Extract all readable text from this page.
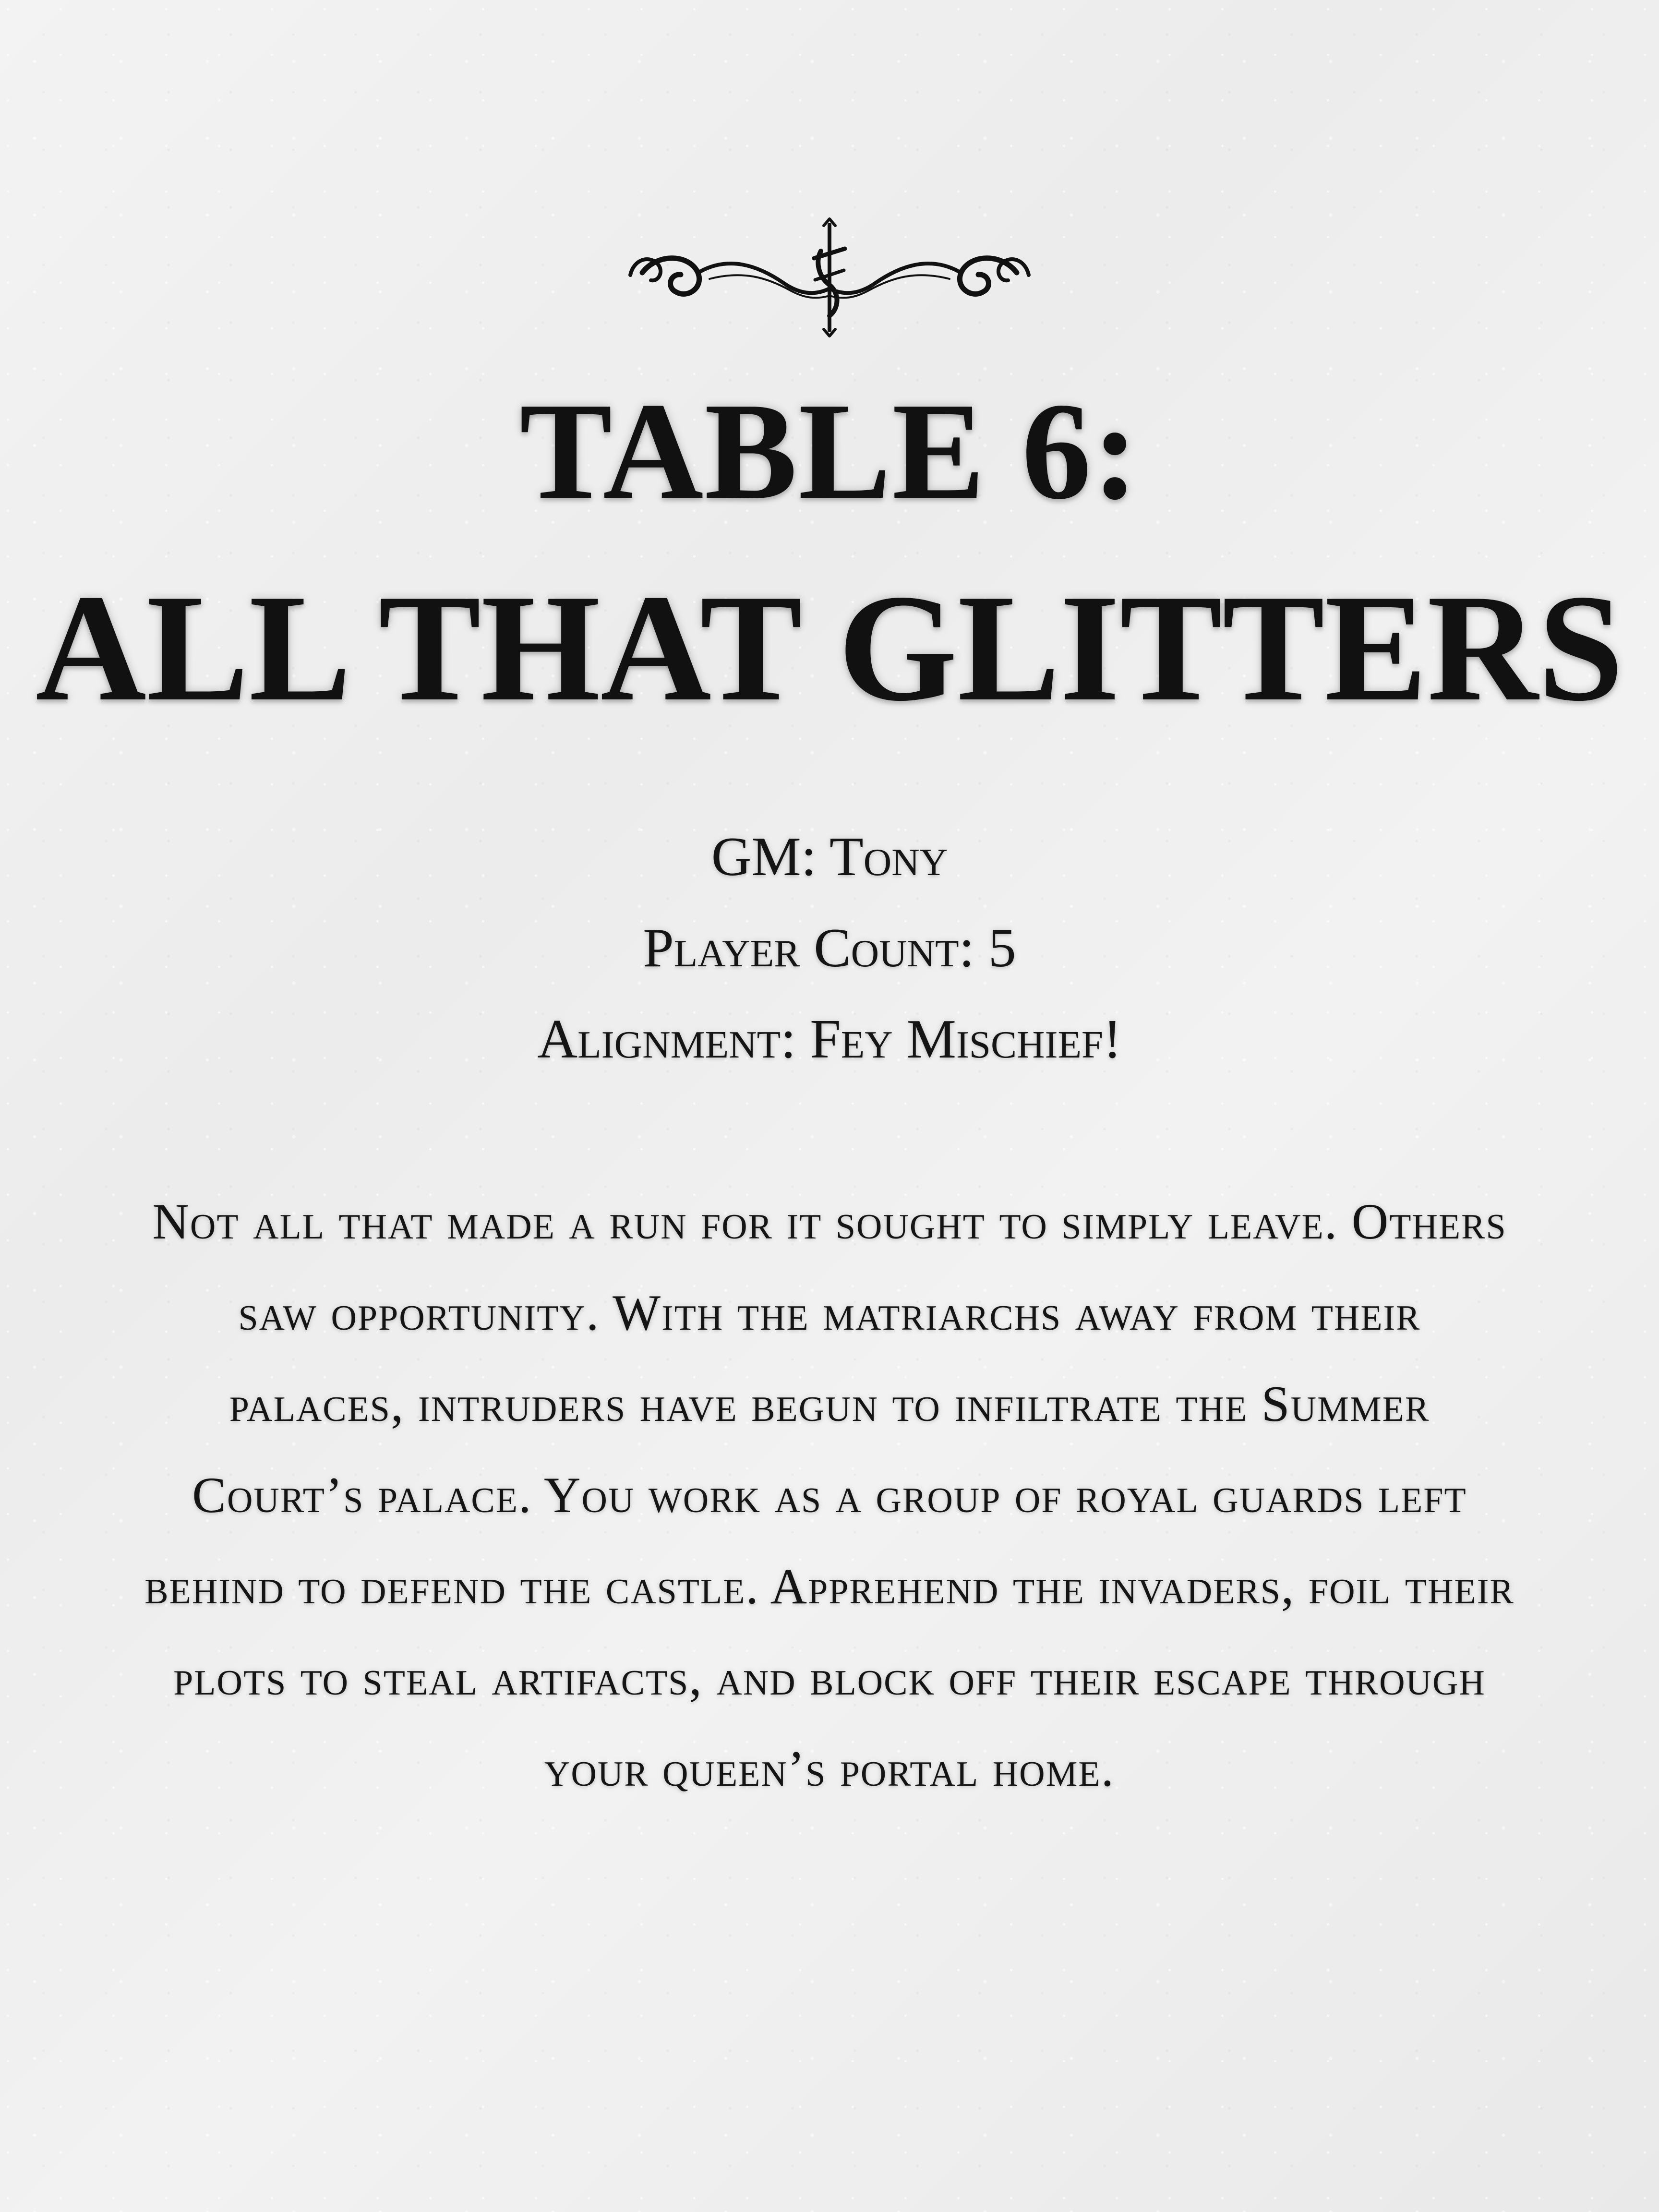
TABLE 6:
ALL THAT GLITTERS
GM: Tony
Player Count: 5
Alignment: Fey Mischief!

Not all that made a run for it sought to simply leave. Others saw opportunity. With the matriarchs away from their palaces, intruders have begun to infiltrate the Summer Court’s palace. You work as a group of royal guards left behind to defend the castle. Apprehend the invaders, foil their plots to steal artifacts, and block off their escape through your queen’s portal home.
